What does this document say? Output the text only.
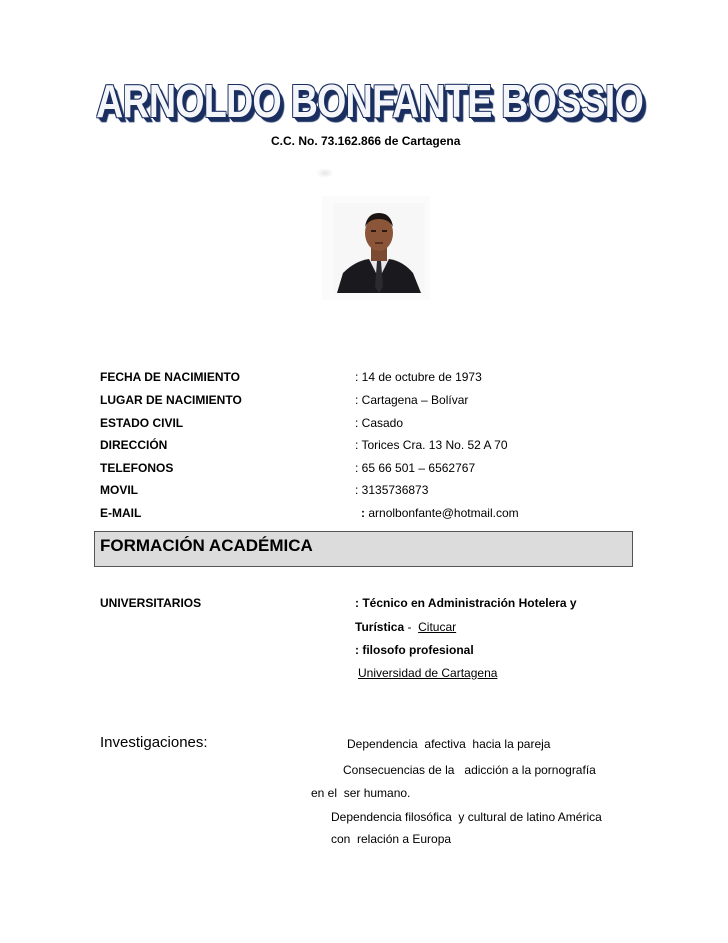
ARNOLDO BONFANTE BOSSIO
C.C. No. 73.162.866 de Cartagena
FECHA DE NACIMIENTO	: 14 de octubre de 1973
LUGAR DE NACIMIENTO	: Cartagena – Bolívar
ESTADO CIVIL	: Casado
DIRECCIÓN	: Torices Cra. 13 No. 52 A 70
TELEFONOS	: 65 66 501 – 6562767
MOVIL	: 3135736873
E-MAIL	: arnolbonfante@hotmail.com
FORMACIÓN ACADÉMICA
UNIVERSITARIOS	: Técnico en Administración Hotelera y
Turística -  Citucar
: filosofo profesional
Universidad de Cartagena
Investigaciones:	Dependencia  afectiva  hacia la pareja
Consecuencias de la   adicción a la pornografía
en el  ser humano.
Dependencia filosófica  y cultural de latino América
con  relación a Europa
